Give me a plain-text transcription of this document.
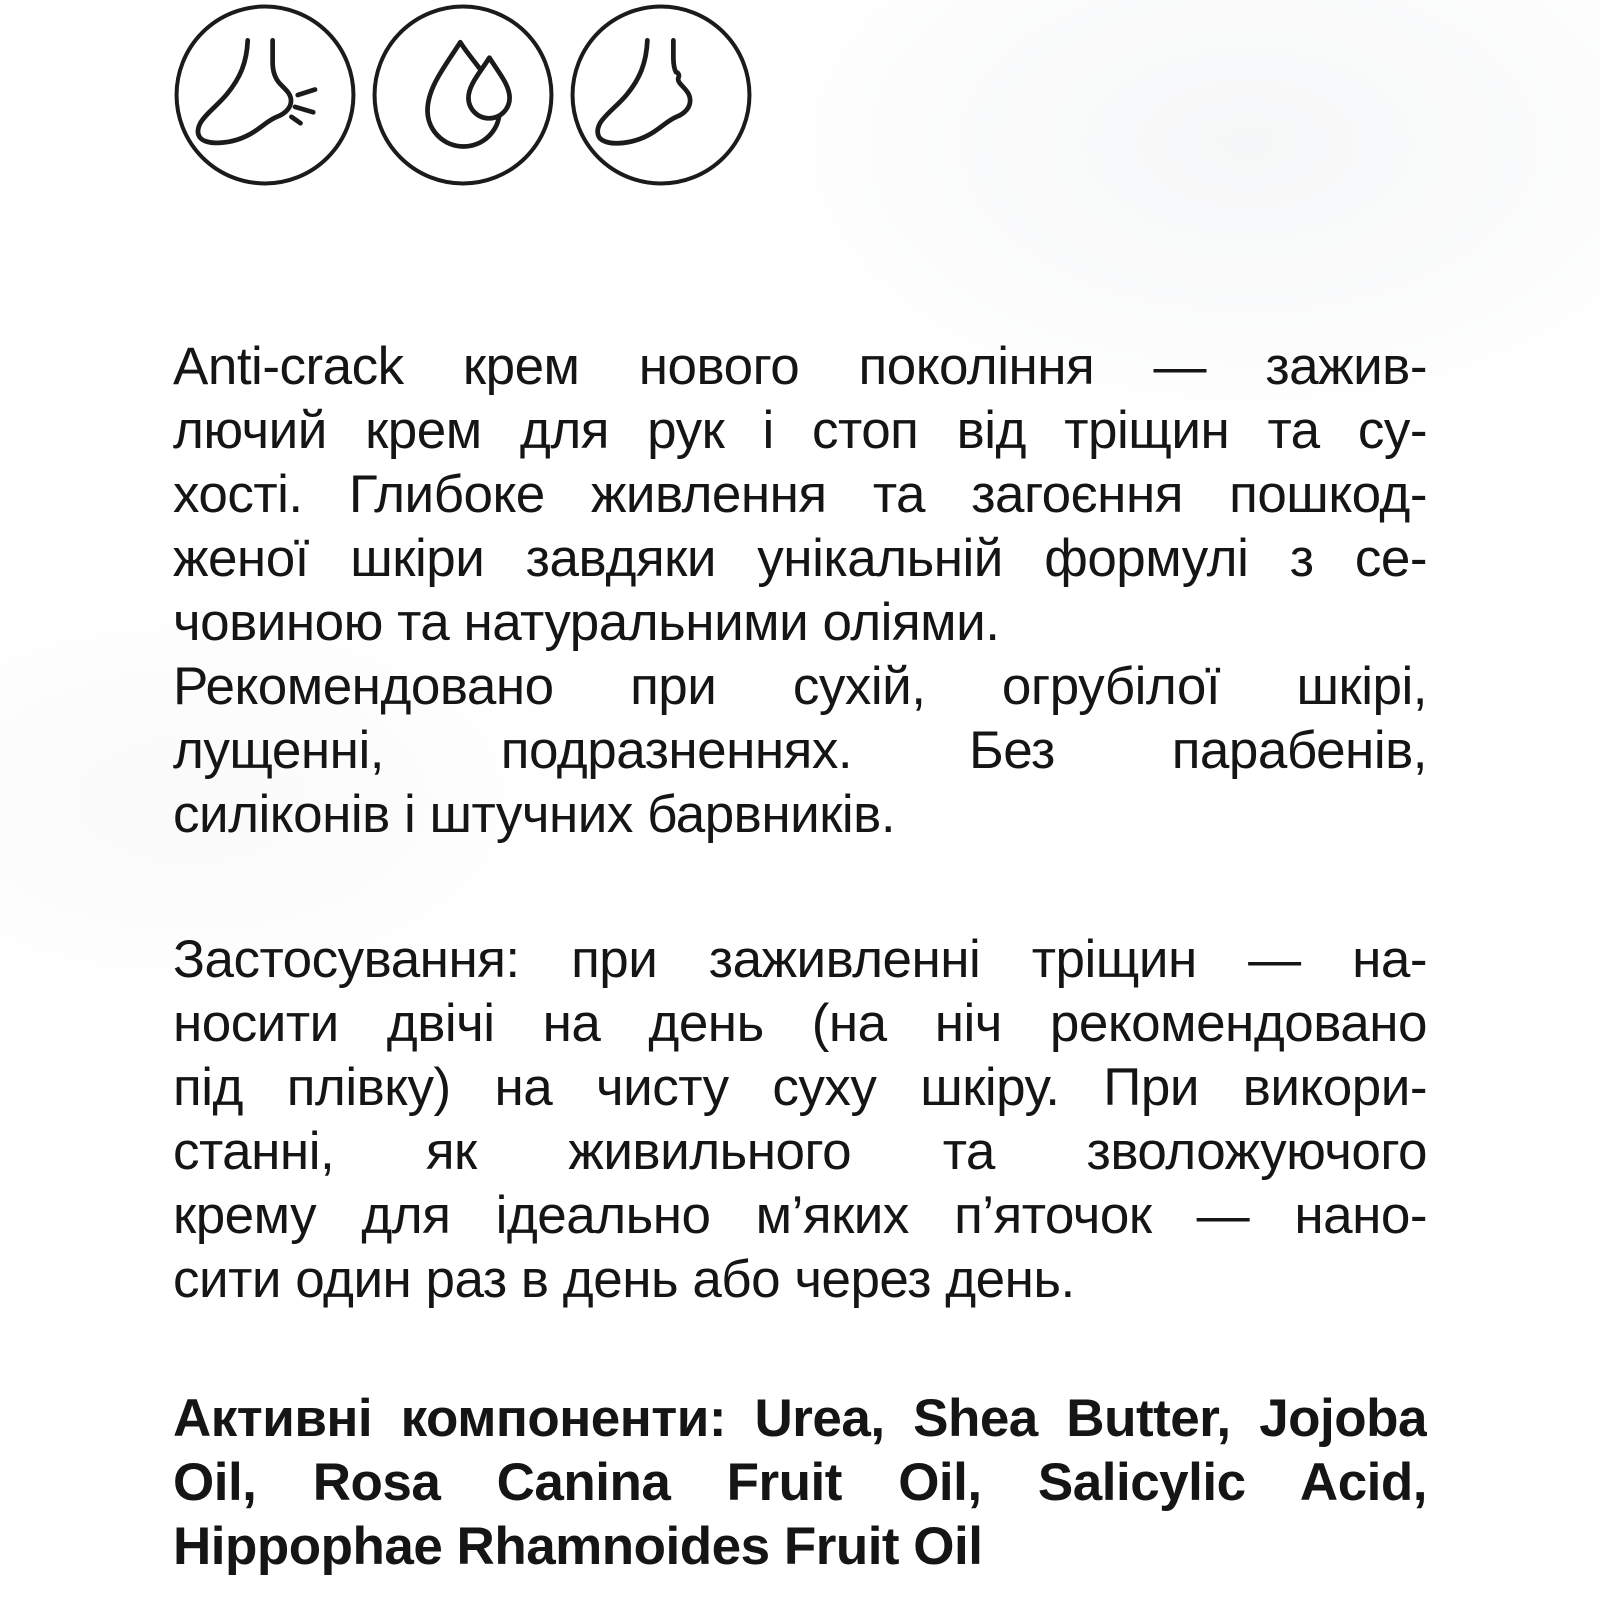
Anti-crack крем нового покоління — зажив-
лючий крем для рук і стоп від тріщин та су-
хості. Глибоке живлення та загоєння пошкод-
женої шкіри завдяки унікальній формулі з се-
човиною та натуральними оліями.
Рекомендовано при сухій, огрубілої шкірі,
лущенні, подразненнях. Без парабенів,
силіконів і штучних барвників.
Застосування: при заживленні тріщин — на-
носити двічі на день (на ніч рекомендовано
під плівку) на чисту суху шкіру. При викори-
станні, як живильного та зволожуючого
крему для ідеально м’яких п’яточок — нано-
сити один раз в день або через день.
Активні компоненти: Urea, Shea Butter, Jojoba
Oil, Rosa Canina Fruit Oil, Salicylic Acid,
Hippophae Rhamnoides Fruit Oil
